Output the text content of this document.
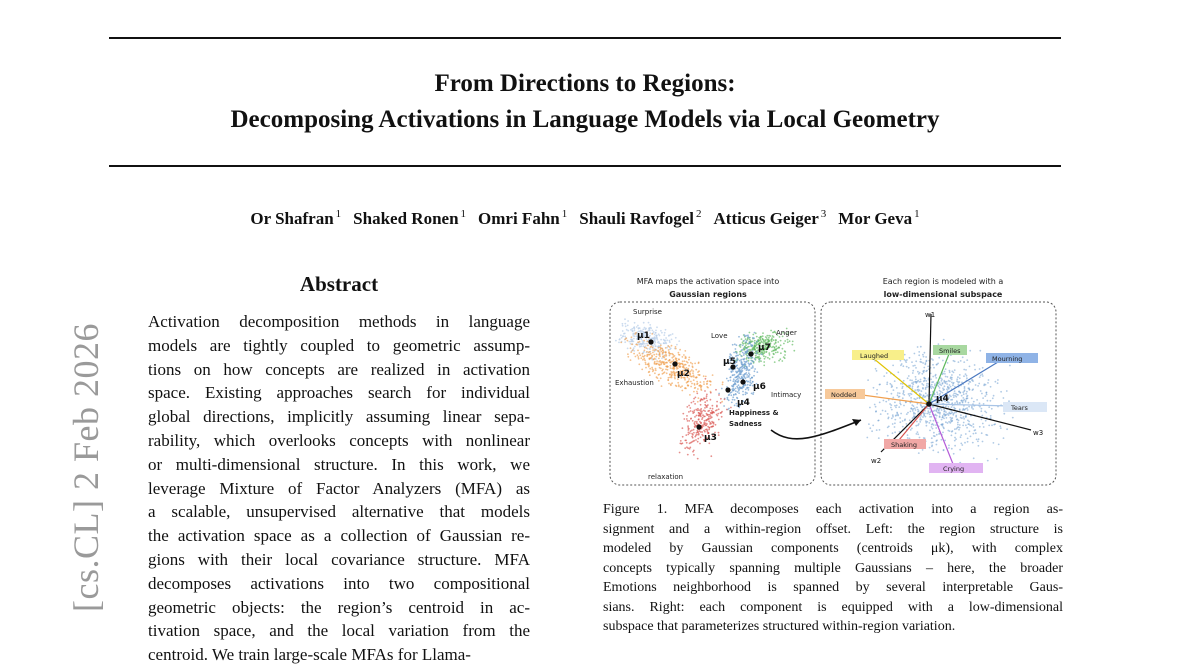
From Directions to Regions:
Decomposing Activations in Language Models via Local Geometry
Or Shafran $^1$ Shaked Ronen $^1$ Omri Fahn $^1$ Shauli Ravfogel $^2$ Atticus Geiger $^3$ Mor Geva $^1$
[cs.CL] 2 Feb 2026
Abstract
Activation decomposition methods in language
models are tightly coupled to geometric assump-
tions on how concepts are realized in activation
space. Existing approaches search for individual
global directions, implicitly assuming linear sepa-
rability, which overlooks concepts with nonlinear
or multi-dimensional structure. In this work, we
leverage Mixture of Factor Analyzers (MFA) as
a scalable, unsupervised alternative that models
the activation space as a collection of Gaussian re-
gions with their local covariance structure. MFA
decomposes activations into two compositional
geometric objects: the region’s centroid in ac-
tivation space, and the local variation from the
centroid. We train large-scale MFAs for Llama-
MFA maps the activation space into
Gaussian regions
Each region is modeled with a
low-dimensional subspace
Surprise
Love	Anger
Exhaustion
Intimacy
Happiness &
Sadness
relaxation
μ1
μ2
μ3
μ4
μ5
μ6
μ7
Laughed
Smiles
Mourning
Nodded
Tears
Shaking
Crying
w1
w2
w3
μ4
Figure 1. MFA decomposes each activation into a region as-
signment and a within-region offset. Left: the region structure is
modeled by Gaussian components (centroids μk), with complex
concepts typically spanning multiple Gaussians – here, the broader
Emotions neighborhood is spanned by several interpretable Gaus-
sians. Right: each component is equipped with a low-dimensional
subspace that parameterizes structured within-region variation.
